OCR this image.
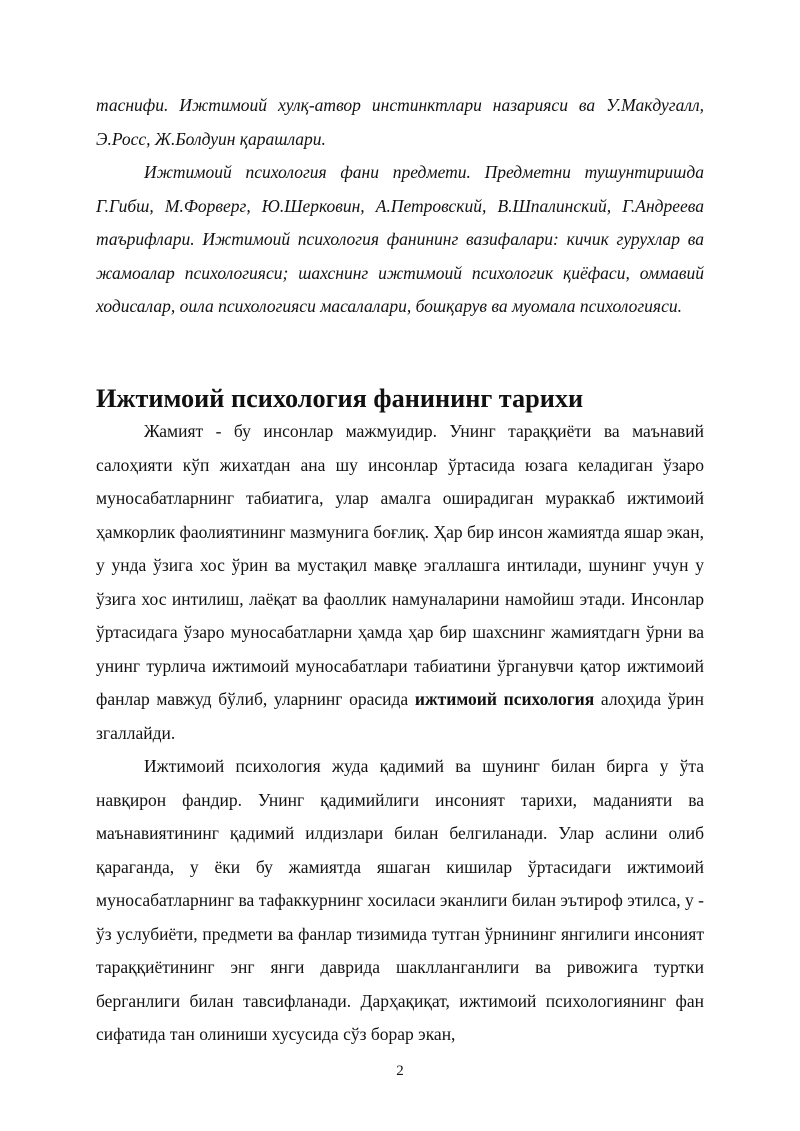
таснифи. Ижтимоий хулқ-атвор инстинктлари назарияси ва У.Макдугалл, Э.Росс, Ж.Болдуин қарашлари.

Ижтимоий психология фани предмети. Предметни тушунтиришда Г.Гибш, М.Форверг, Ю.Шерковин, А.Петровский, В.Шпалинский, Г.Андреева таърифлари. Ижтимоий психология фанининг вазифалари: кичик гурухлар ва жамоалар психологияси; шахснинг ижтимоий психологик қиёфаси, оммавий ходисалар, оила психологияси масалалари, бошқарув ва муомала психологияси.

Ижтимоий психология фанининг тарихи

Жамият - бу инсонлар мажмуидир. Унинг тараққиёти ва маънавий салоҳияти кўп жихатдан ана шу инсонлар ўртасида юзага келадиган ўзаро муносабатларнинг табиатига, улар амалга оширадиган мураккаб ижтимоий ҳамкорлик фаолиятининг мазмунига боғлиқ. Ҳар бир инсон жамиятда яшар экан, у унда ўзига хос ўрин ва мустақил мавқе эгаллашга интилади, шунинг учун у ўзига хос интилиш, лаёқат ва фаоллик намуналарини намойиш этади. Инсонлар ўртасидага ўзаро муносабатларни ҳамда ҳар бир шахснинг жамиятдагн ўрни ва унинг турлича ижтимоий муносабатлари табиатини ўрганувчи қатор ижтимоий фанлар мавжуд бўлиб, уларнинг орасида ижтимоий психология алоҳида ўрин згаллайди.

Ижтимоий психология жуда қадимий ва шунинг билан бирга у ўта навқирон фандир. Унинг қадимийлиги инсоният тарихи, маданияти ва маънавиятининг қадимий илдизлари билан белгиланади. Улар аслини олиб қараганда, у ёки бу жамиятда яшаган кишилар ўртасидаги ижтимоий муносабатларнинг ва тафаккурнинг хосиласи эканлиги билан эътироф этилса, у - ўз услубиёти, предмети ва фанлар тизимида тутган ўрнининг янгилиги инсоният тараққиётининг энг янги даврида шаклланганлиги ва ривожига туртки берганлиги билан тавсифланади. Дарҳақиқат, ижтимоий психологиянинг фан сифатида тан олиниши хусусида сўз борар экан,

2
